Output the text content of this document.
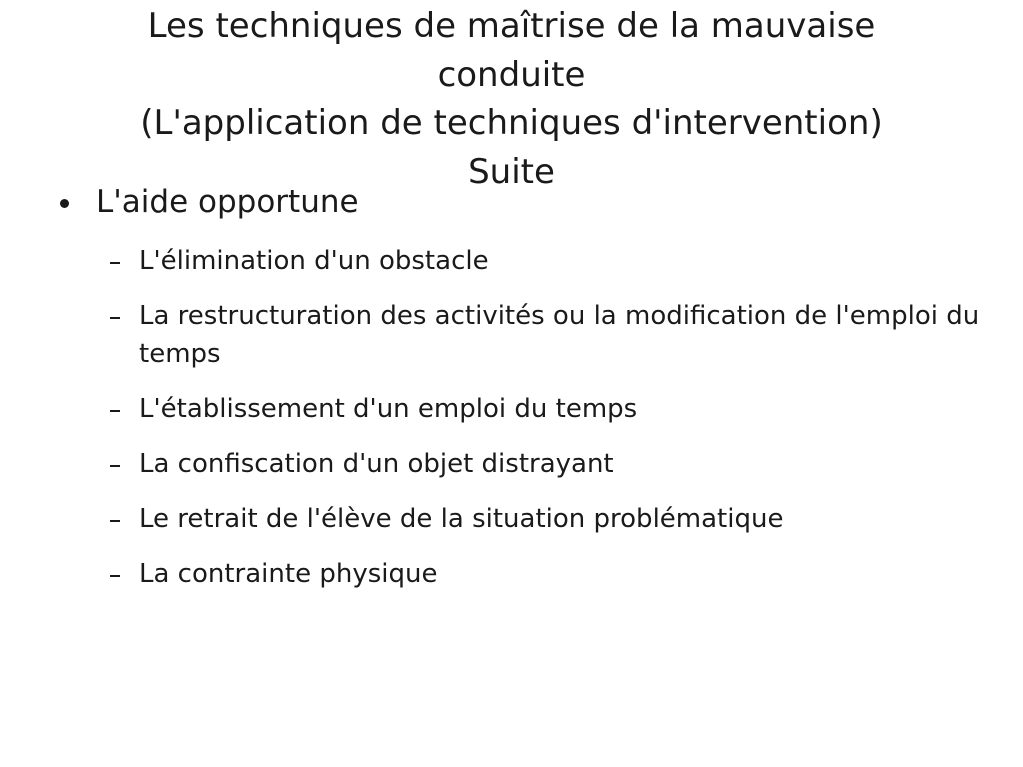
Les techniques de maîtrise de la mauvaise
conduite
(L'application de techniques d'intervention)
Suite
L'aide opportune
L'élimination d'un obstacle
La restructuration des activités ou la modification de l'emploi du temps
L'établissement d'un emploi du temps
La confiscation d'un objet distrayant
Le retrait de l'élève de la situation problématique
La contrainte physique
